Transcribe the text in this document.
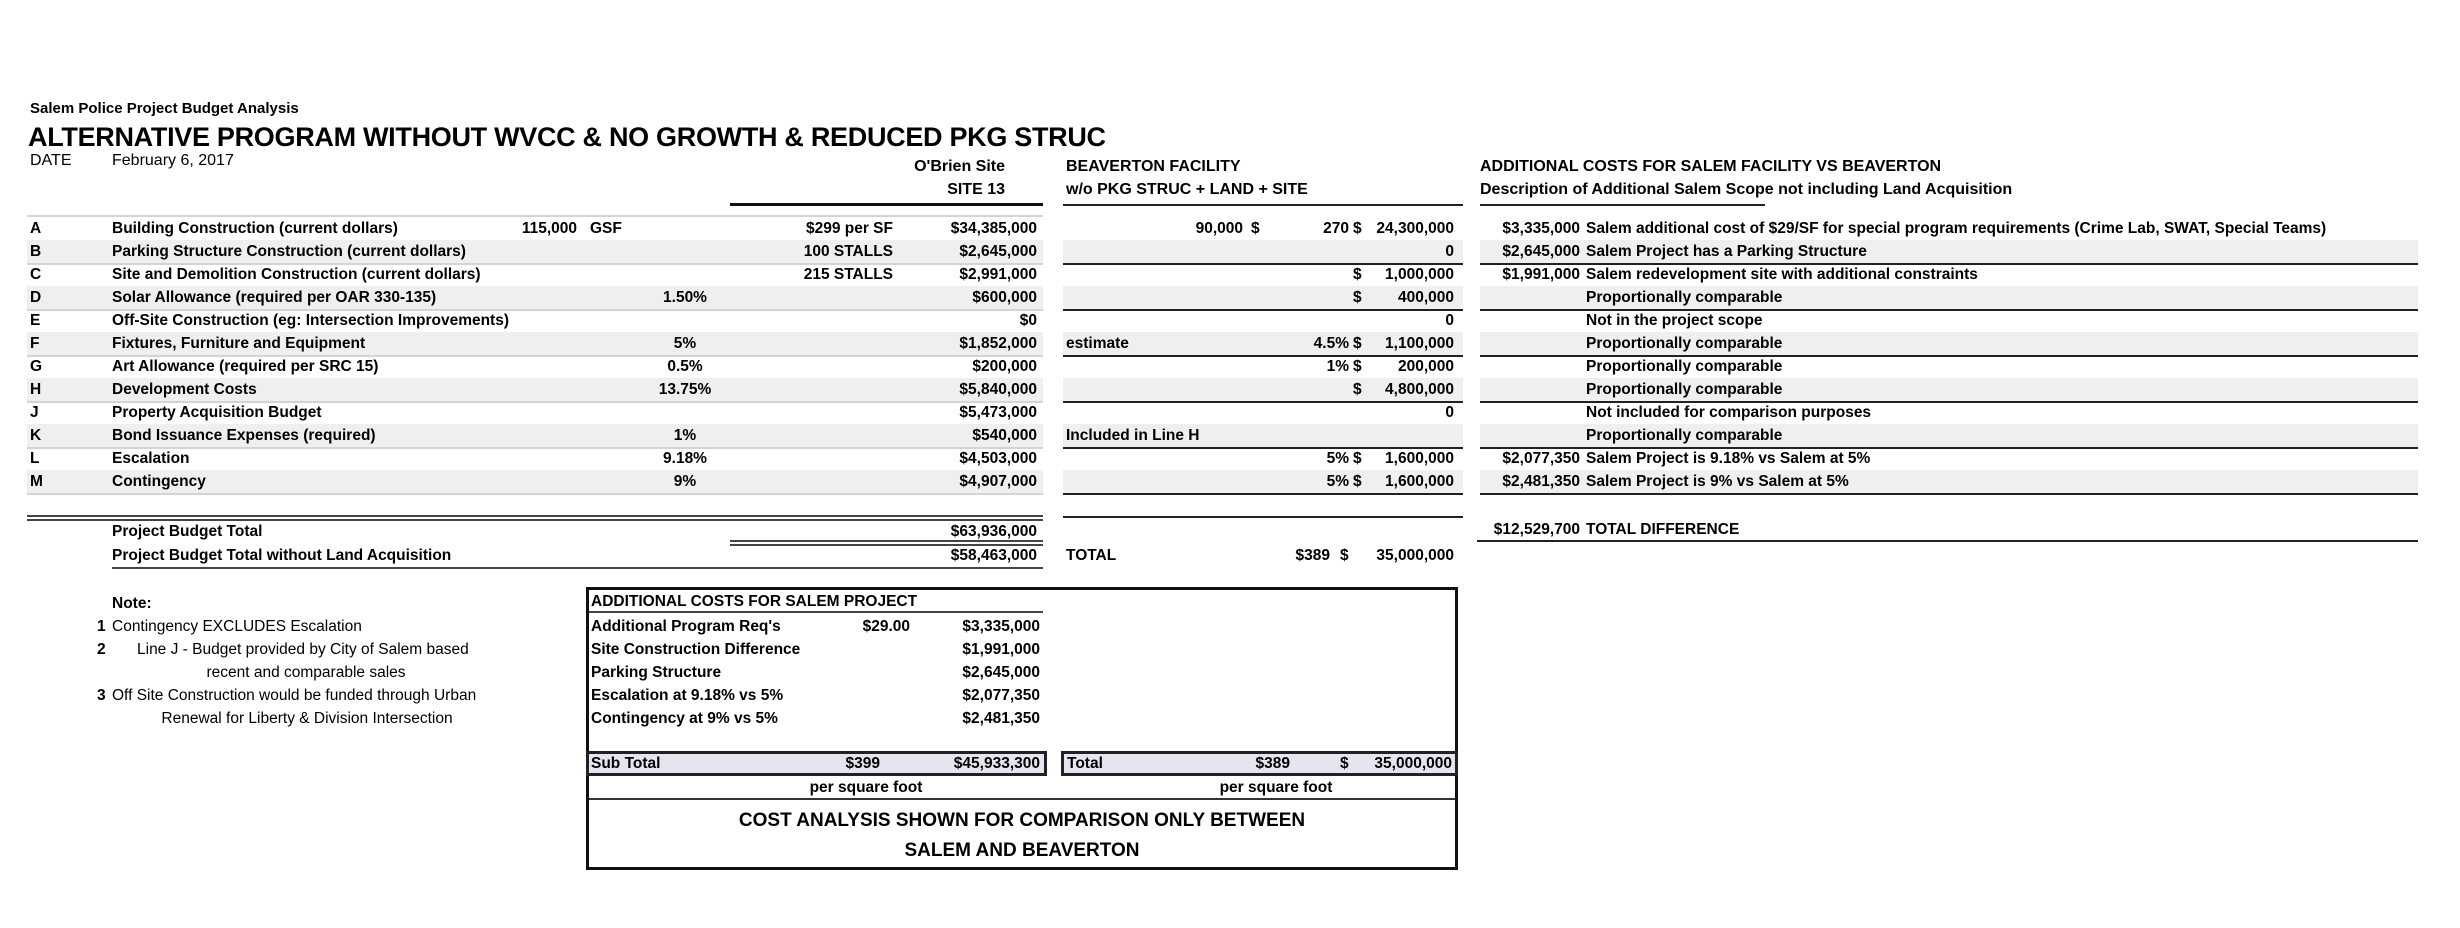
Salem Police Project Budget Analysis
ALTERNATIVE PROGRAM WITHOUT WVCC & NO GROWTH & REDUCED PKG STRUC
DATE	February 6, 2017	O'Brien Site
SITE 13
BEAVERTON FACILITY
w/o PKG STRUC + LAND + SITE
ADDITIONAL COSTS FOR SALEM FACILITY VS BEAVERTON
Description of Additional Salem Scope not including Land Acquisition
A	Building Construction (current dollars)	115,000 GSF	$299 per SF	$34,385,000	90,000 $	270 $ 24,300,000	$3,335,000 Salem additional cost of $29/SF for special program requirements (Crime Lab, SWAT, Special Teams)
B	Parking Structure Construction (current dollars)	100 STALLS	$2,645,000	0	$2,645,000 Salem Project has a Parking Structure
C	Site and Demolition Construction (current dollars)	215 STALLS	$2,991,000	$	1,000,000	$1,991,000 Salem redevelopment site with additional constraints
D	Solar Allowance (required per OAR 330-135)	1.50%	$600,000	$	400,000	Proportionally comparable
E	Off-Site Construction (eg: Intersection Improvements)	$0	0	Not in the project scope
F	Fixtures, Furniture and Equipment	5%	$1,852,000 estimate	4.5% $	1,100,000	Proportionally comparable
G	Art Allowance (required per SRC 15)	0.5%	$200,000	1% $	200,000	Proportionally comparable
H	Development Costs	13.75%	$5,840,000	$	4,800,000	Proportionally comparable
J	Property Acquisition Budget	$5,473,000	0	Not included for comparison purposes
K	Bond Issuance Expenses (required)	1%	$540,000 Included in Line H	Proportionally comparable
L	Escalation	9.18%	$4,503,000	5% $	1,600,000	$2,077,350 Salem Project is 9.18% vs Salem at 5%
M	Contingency	9%	$4,907,000	5% $	1,600,000	$2,481,350 Salem Project is 9% vs Salem at 5%
Project Budget Total	$63,936,000
Project Budget Total without Land Acquisition	$58,463,000 TOTAL	$389 $	35,000,000
$12,529,700 TOTAL DIFFERENCE
Note:
1 Contingency EXCLUDES Escalation
2 Line J - Budget provided by City of Salem based
recent and comparable sales
3 Off Site Construction would be funded through Urban
Renewal for Liberty & Division Intersection
ADDITIONAL COSTS FOR SALEM PROJECT
Additional Program Req's	$29.00	$3,335,000
Site Construction Difference	$1,991,000
Parking Structure	$2,645,000
Escalation at 9.18% vs 5%	$2,077,350
Contingency at 9% vs 5%	$2,481,350
Sub Total	$399	$45,933,300 Total	$389	$	35,000,000
per square foot	per square foot
COST ANALYSIS SHOWN FOR COMPARISON ONLY BETWEEN
SALEM AND BEAVERTON
